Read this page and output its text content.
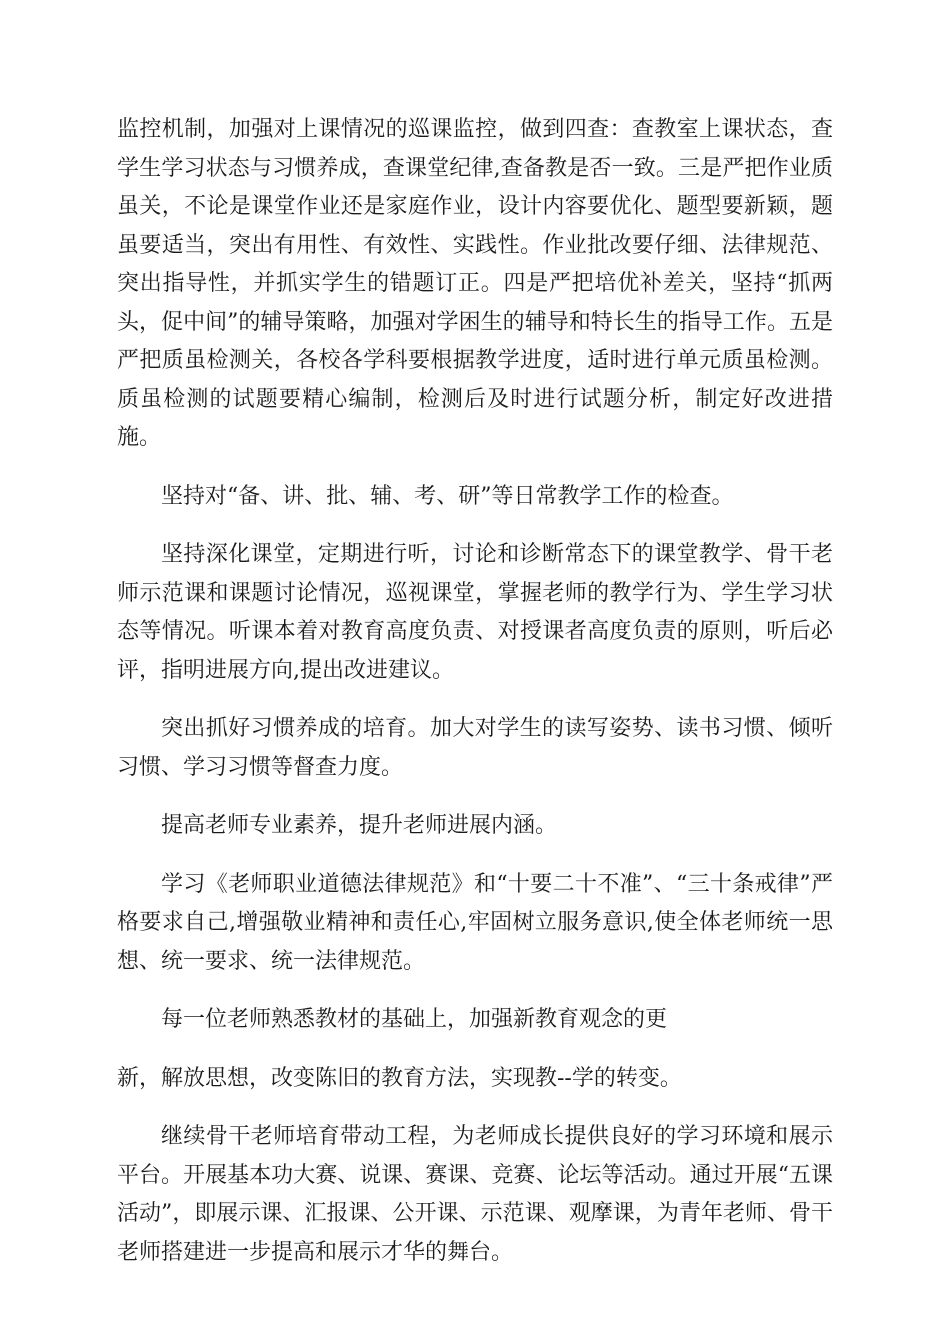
监控机制，加强对上课情况的巡课监控，做到四查：查教室上课状态，查学生学习状态与习惯养成，查课堂纪律,查备教是否一致。三是严把作业质虽关，不论是课堂作业还是家庭作业，设计内容要优化、题型要新颖，题虽要适当，突出有用性、有效性、实践性。作业批改要仔细、法律规范、突出指导性，并抓实学生的错题订正。四是严把培优补差关，坚持“抓两头，促中间”的辅导策略，加强对学困生的辅导和特长生的指导工作。五是严把质虽检测关，各校各学科要根据教学进度，适时进行单元质虽检测。质虽检测的试题要精心编制，检测后及时进行试题分析，制定好改进措施。

坚持对“备、讲、批、辅、考、研”等日常教学工作的检查。

坚持深化课堂，定期进行听，讨论和诊断常态下的课堂教学、骨干老师示范课和课题讨论情况，巡视课堂，掌握老师的教学行为、学生学习状态等情况。听课本着对教育高度负责、对授课者高度负责的原则，听后必评，指明进展方向,提出改进建议。

突出抓好习惯养成的培育。加大对学生的读写姿势、读书习惯、倾听习惯、学习习惯等督查力度。

提高老师专业素养，提升老师进展内涵。

学习《老师职业道德法律规范》和“十要二十不准”、“三十条戒律”严格要求自己,增强敬业精神和责任心,牢固树立服务意识,使全体老师统一思想、统一要求、统一法律规范。

每一位老师熟悉教材的基础上，加强新教育观念的更

新，解放思想，改变陈旧的教育方法，实现教--学的转变。

继续骨干老师培育带动工程，为老师成长提供良好的学习环境和展示平台。开展基本功大赛、说课、赛课、竞赛、论坛等活动。通过开展“五课活动”，即展示课、汇报课、公开课、示范课、观摩课，为青年老师、骨干老师搭建进一步提高和展示才华的舞台。
